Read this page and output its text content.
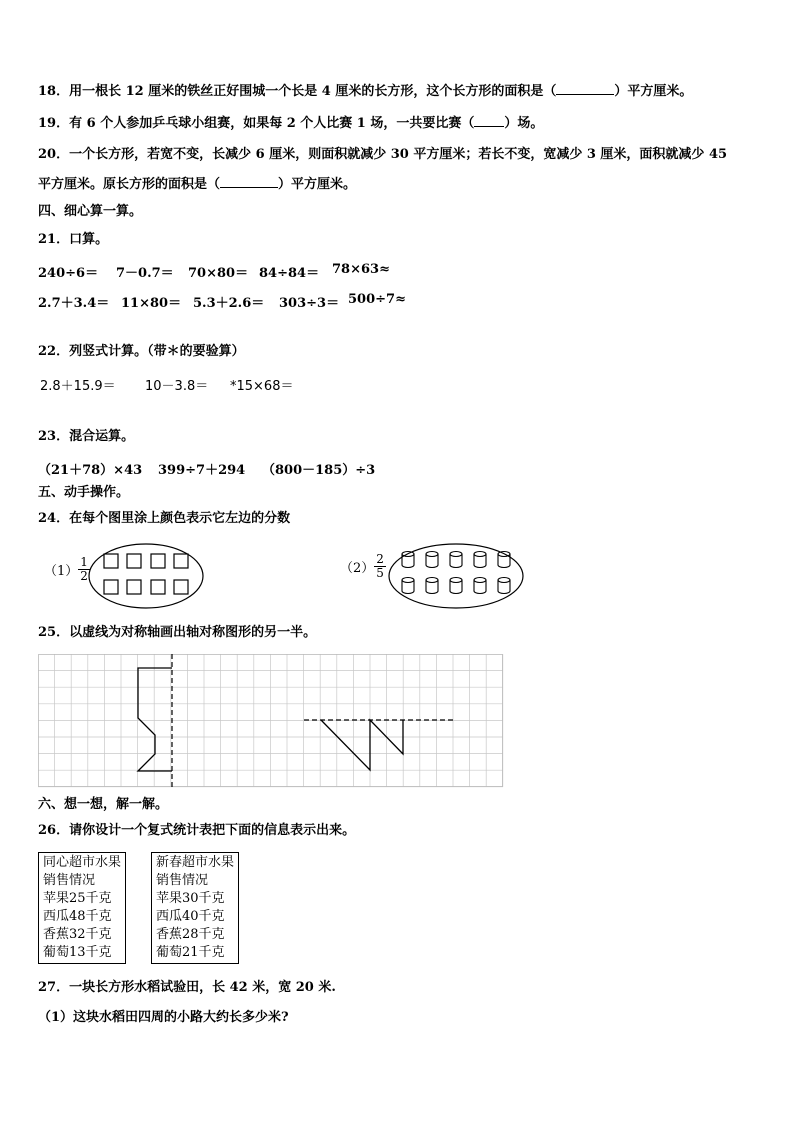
18．用一根长 12 厘米的铁丝正好围城一个长是 4 厘米的长方形，这个长方形的面积是（	）平方厘米。
19．有 6 个人参加乒乓球小组赛，如果每 2 个人比赛 1 场，一共要比赛（ ）场。
20．一个长方形，若宽不变，长减少 6 厘米，则面积就减少 30 平方厘米；若长不变，宽减少 3 厘米，面积就减少 45
平方厘米。原长方形的面积是（	）平方厘米。
四、细心算一算。
21．口算。
240÷6＝ 7－0.7＝ 70×80＝ 84÷84＝ 78×63≈
2.7＋3.4＝ 11×80＝ 5.3＋2.6＝ 303÷3＝ 500÷7≈
22．列竖式计算。（带＊的要验算）
2.8＋15.9＝ 10－3.8＝ *15×68＝
23．混合运算。
（21＋78）×43 399÷7＋294 （800－185）÷3
五、动手操作。
24．在每个图里涂上颜色表示它左边的分数
$(1) \frac{1}{2}$	$(2) \frac{2}{5}$
25．以虚线为对称轴画出轴对称图形的另一半。
六、想一想，解一解。
26．请你设计一个复式统计表把下面的信息表示出来。
同心超市水果
销售情况
苹果25千克
西瓜48千克
香蕉32千克
葡萄13千克
新春超市水果
销售情况
苹果30千克
西瓜40千克
香蕉28千克
葡萄21千克
27．一块长方形水稻试验田，长 42 米，宽 20 米.
（1）这块水稻田四周的小路大约长多少米?
